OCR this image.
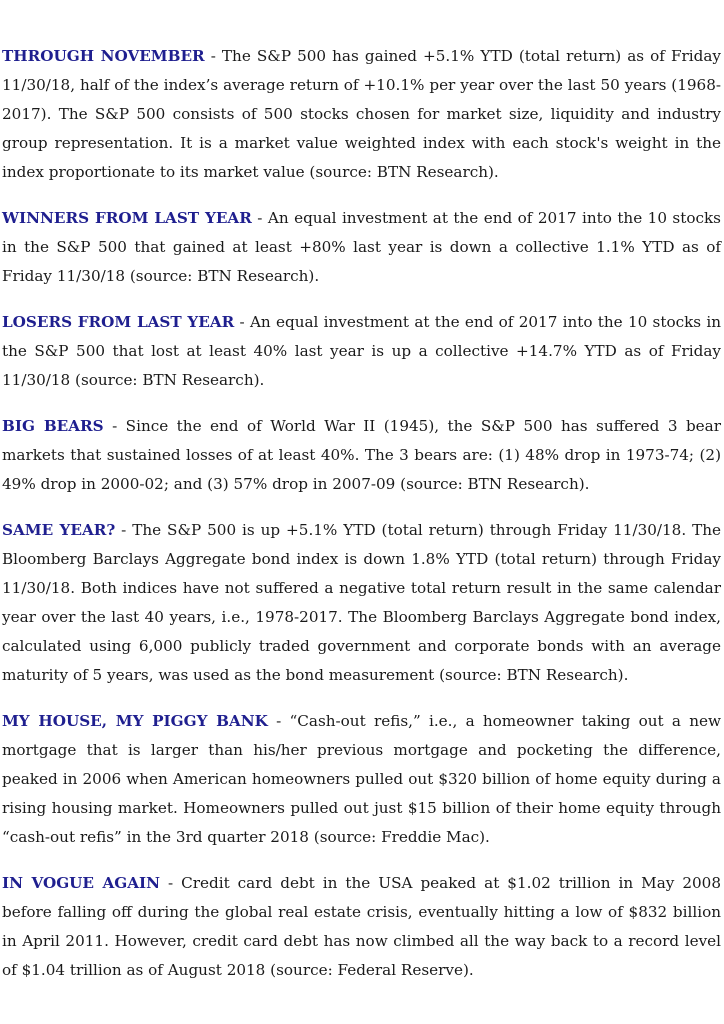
THROUGH NOVEMBER - The S&P 500 has gained +5.1% YTD (total return) as of Friday 11/30/18, half of the index’s average return of +10.1% per year over the last 50 years (1968-2017). The S&P 500 consists of 500 stocks chosen for market size, liquidity and industry group representation. It is a market value weighted index with each stock's weight in the index proportionate to its market value (source: BTN Research).

WINNERS FROM LAST YEAR - An equal investment at the end of 2017 into the 10 stocks in the S&P 500 that gained at least +80% last year is down a collective 1.1% YTD as of Friday 11/30/18 (source: BTN Research).

LOSERS FROM LAST YEAR - An equal investment at the end of 2017 into the 10 stocks in the S&P 500 that lost at least 40% last year is up a collective +14.7% YTD as of Friday 11/30/18 (source: BTN Research).

BIG BEARS - Since the end of World War II (1945), the S&P 500 has suffered 3 bear markets that sustained losses of at least 40%. The 3 bears are: (1) 48% drop in 1973-74; (2) 49% drop in 2000-02; and (3) 57% drop in 2007-09 (source: BTN Research).

SAME YEAR? - The S&P 500 is up +5.1% YTD (total return) through Friday 11/30/18. The Bloomberg Barclays Aggregate bond index is down 1.8% YTD (total return) through Friday 11/30/18. Both indices have not suffered a negative total return result in the same calendar year over the last 40 years, i.e., 1978-2017. The Bloomberg Barclays Aggregate bond index, calculated using 6,000 publicly traded government and corporate bonds with an average maturity of 5 years, was used as the bond measurement (source: BTN Research).

MY HOUSE, MY PIGGY BANK - “Cash-out refis,” i.e., a homeowner taking out a new mortgage that is larger than his/her previous mortgage and pocketing the difference, peaked in 2006 when American homeowners pulled out $320 billion of home equity during a rising housing market. Homeowners pulled out just $15 billion of their home equity through “cash-out refis” in the 3rd quarter 2018 (source: Freddie Mac).

IN VOGUE AGAIN - Credit card debt in the USA peaked at $1.02 trillion in May 2008 before falling off during the global real estate crisis, eventually hitting a low of $832 billion in April 2011. However, credit card debt has now climbed all the way back to a record level of $1.04 trillion as of August 2018 (source: Federal Reserve).
